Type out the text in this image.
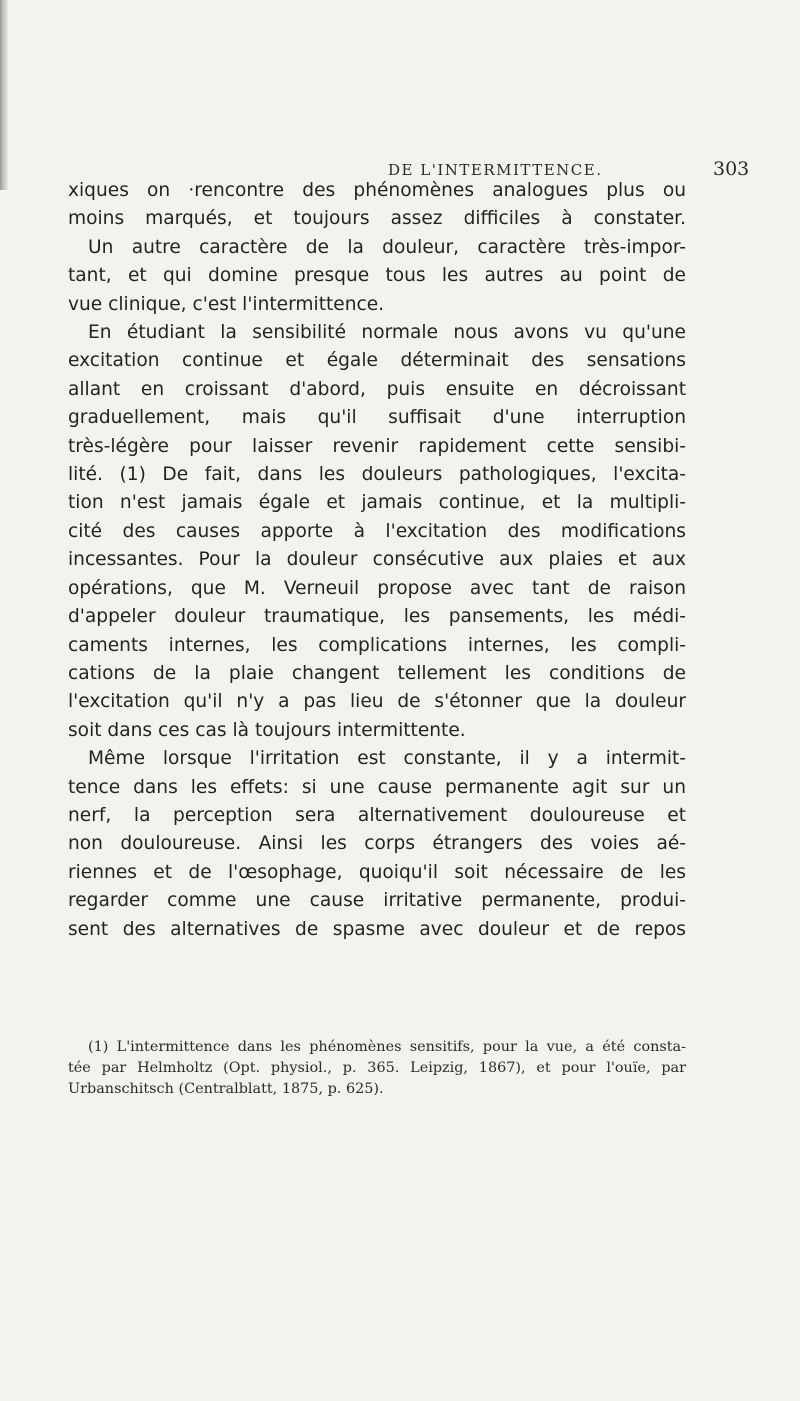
DE L'INTERMITTENCE.	303
xiques on ·rencontre des phénomènes analogues plus ou
moins marqués, et toujours assez difficiles à constater.
Un autre caractère de la douleur, caractère très-impor-
tant, et qui domine presque tous les autres au point de
vue clinique, c'est l'intermittence.
En étudiant la sensibilité normale nous avons vu qu'une
excitation continue et égale déterminait des sensations
allant en croissant d'abord, puis ensuite en décroissant
graduellement, mais qu'il suffisait d'une interruption
très-légère pour laisser revenir rapidement cette sensibi-
lité. (1) De fait, dans les douleurs pathologiques, l'excita-
tion n'est jamais égale et jamais continue, et la multipli-
cité des causes apporte à l'excitation des modifications
incessantes. Pour la douleur consécutive aux plaies et aux
opérations, que M. Verneuil propose avec tant de raison
d'appeler douleur traumatique, les pansements, les médi-
caments internes, les complications internes, les compli-
cations de la plaie changent tellement les conditions de
l'excitation qu'il n'y a pas lieu de s'étonner que la douleur
soit dans ces cas là toujours intermittente.
Même lorsque l'irritation est constante, il y a intermit-
tence dans les effets: si une cause permanente agit sur un
nerf, la perception sera alternativement douloureuse et
non douloureuse. Ainsi les corps étrangers des voies aé-
riennes et de l'œsophage, quoiqu'il soit nécessaire de les
regarder comme une cause irritative permanente, produi-
sent des alternatives de spasme avec douleur et de repos
(1) L'intermittence dans les phénomènes sensitifs, pour la vue, a été consta-
tée par Helmholtz (Opt. physiol., p. 365. Leipzig, 1867), et pour l'ouïe, par
Urbanschitsch (Centralblatt, 1875, p. 625).
